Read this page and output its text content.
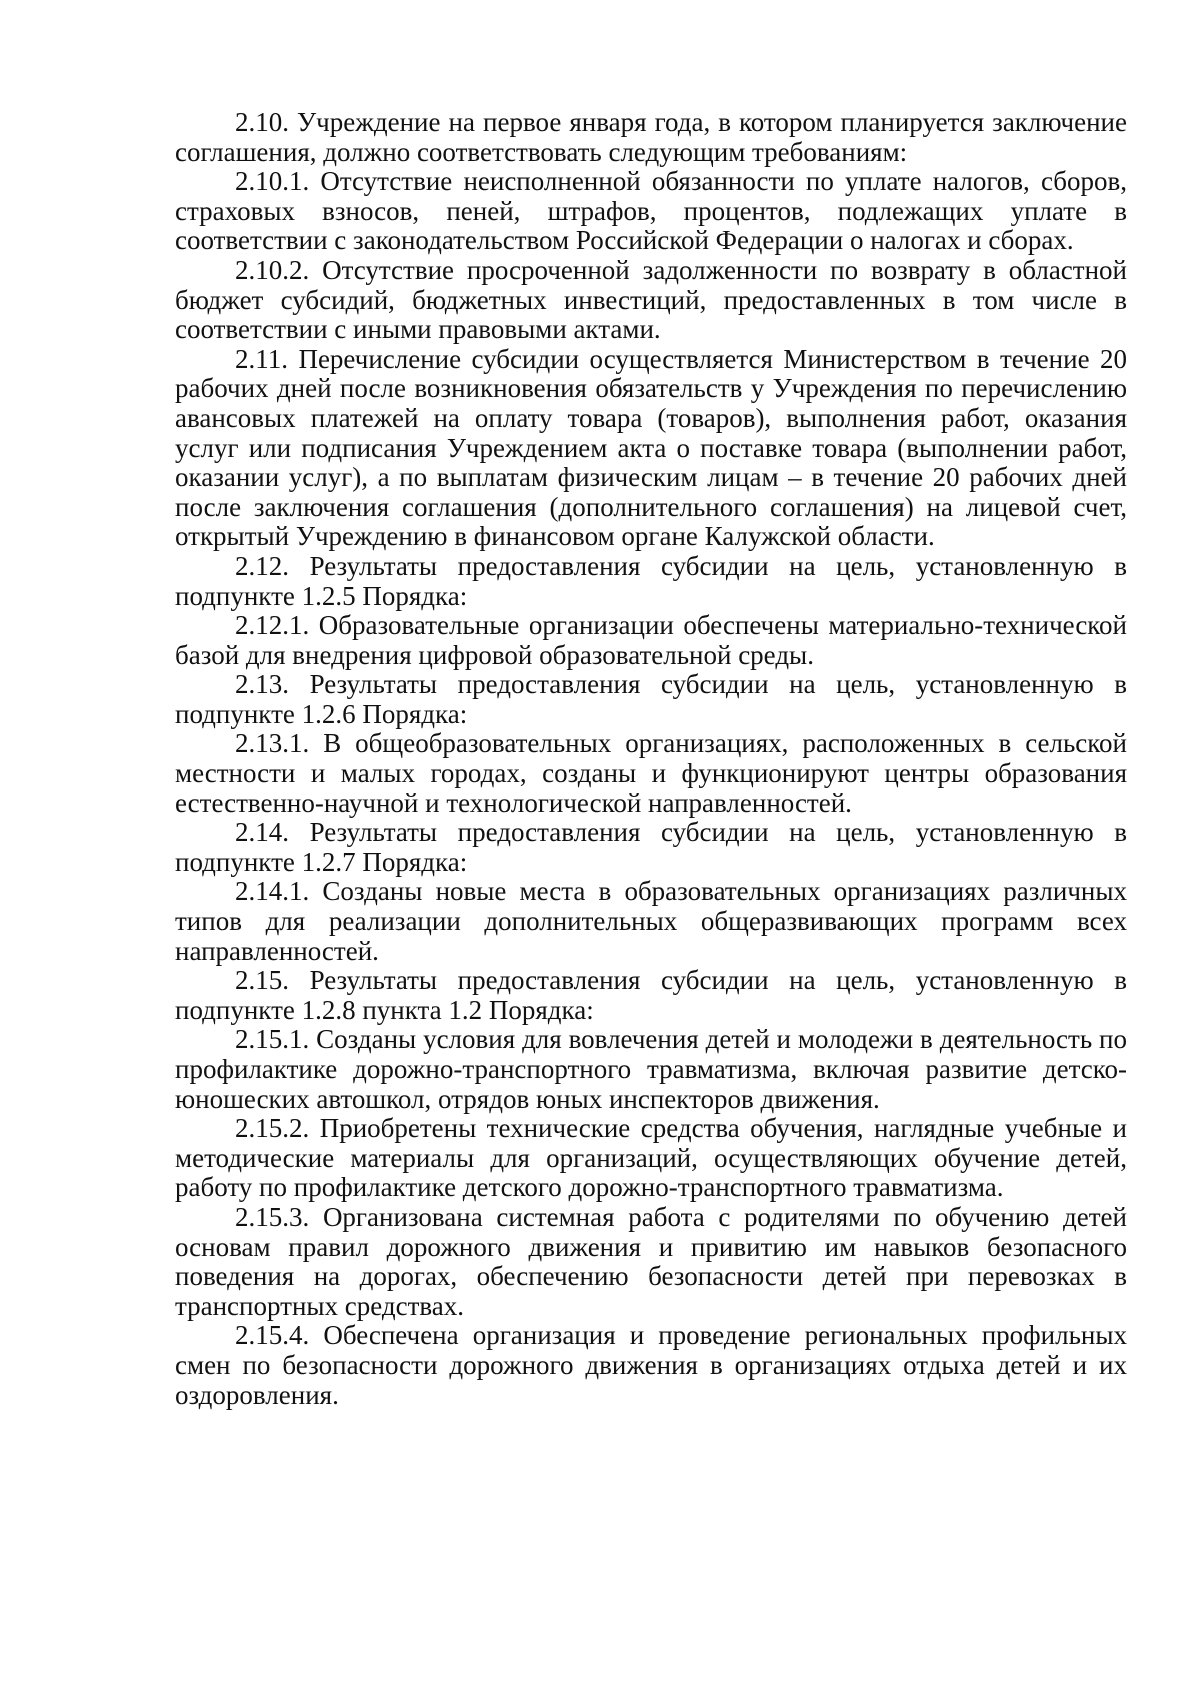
2.10. Учреждение на первое января года, в котором планируется заключение соглашения, должно соответствовать следующим требованиям:

2.10.1. Отсутствие неисполненной обязанности по уплате налогов, сборов, страховых взносов, пеней, штрафов, процентов, подлежащих уплате в соответствии с законодательством Российской Федерации о налогах и сборах.

2.10.2. Отсутствие просроченной задолженности по возврату в областной бюджет субсидий, бюджетных инвестиций, предоставленных в том числе в соответствии с иными правовыми актами.

2.11. Перечисление субсидии осуществляется Министерством в течение 20 рабочих дней после возникновения обязательств у Учреждения по перечислению авансовых платежей на оплату товара (товаров), выполнения работ, оказания услуг или подписания Учреждением акта о поставке товара (выполнении работ, оказании услуг), а по выплатам физическим лицам – в течение 20 рабочих дней после заключения соглашения (дополнительного соглашения) на лицевой счет, открытый Учреждению в финансовом органе Калужской области.

2.12. Результаты предоставления субсидии на цель, установленную в подпункте 1.2.5 Порядка:

2.12.1. Образовательные организации обеспечены материально-технической базой для внедрения цифровой образовательной среды.

2.13. Результаты предоставления субсидии на цель, установленную в подпункте 1.2.6 Порядка:

2.13.1. В общеобразовательных организациях, расположенных в сельской местности и малых городах, созданы и функционируют центры образования естественно-научной и технологической направленностей.

2.14. Результаты предоставления субсидии на цель, установленную в подпункте 1.2.7 Порядка:

2.14.1. Созданы новые места в образовательных организациях различных типов для реализации дополнительных общеразвивающих программ всех направленностей.

2.15. Результаты предоставления субсидии на цель, установленную в подпункте 1.2.8 пункта 1.2 Порядка:

2.15.1. Созданы условия для вовлечения детей и молодежи в деятельность по профилактике дорожно-транспортного травматизма, включая развитие детско-юношеских автошкол, отрядов юных инспекторов движения.

2.15.2. Приобретены технические средства обучения, наглядные учебные и методические материалы для организаций, осуществляющих обучение детей, работу по профилактике детского дорожно-транспортного травматизма.

2.15.3. Организована системная работа с родителями по обучению детей основам правил дорожного движения и привитию им навыков безопасного поведения на дорогах, обеспечению безопасности детей при перевозках в транспортных средствах.

2.15.4. Обеспечена организация и проведение региональных профильных смен по безопасности дорожного движения в организациях отдыха детей и их оздоровления.
